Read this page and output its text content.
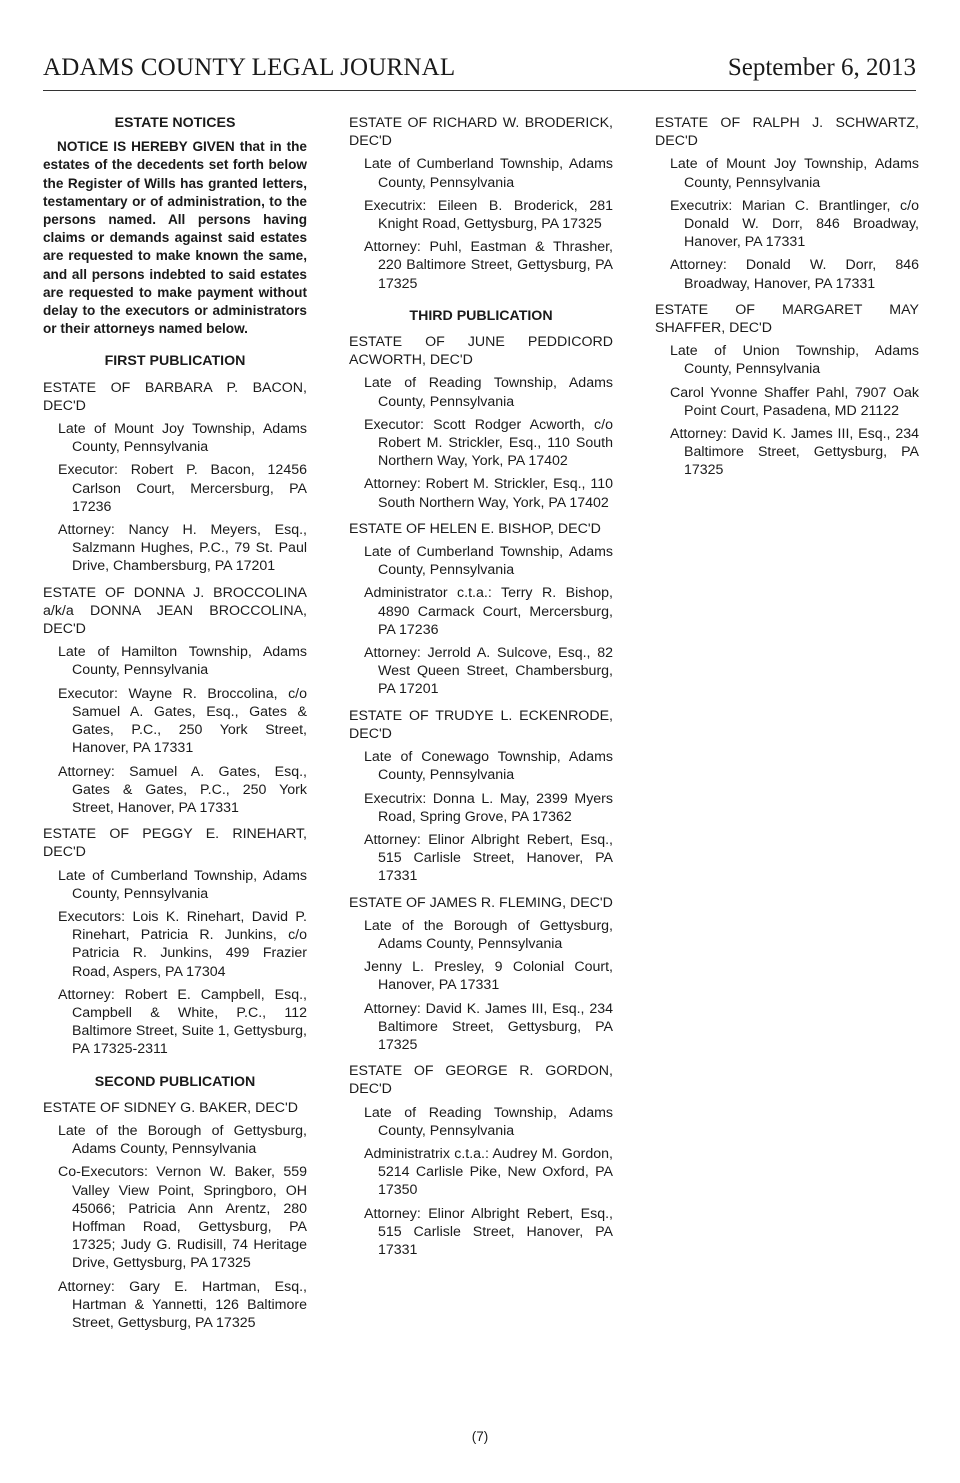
ADAMS COUNTY LEGAL JOURNAL	September 6, 2013
ESTATE NOTICES
NOTICE IS HEREBY GIVEN that in the estates of the decedents set forth below the Register of Wills has granted letters, testamentary or of administration, to the persons named. All persons having claims or demands against said estates are requested to make known the same, and all persons indebted to said estates are requested to make payment without delay to the executors or administrators or their attorneys named below.
FIRST PUBLICATION
ESTATE OF BARBARA P. BACON, DEC'D
Late of Mount Joy Township, Adams County, Pennsylvania
Executor: Robert P. Bacon, 12456 Carlson Court, Mercersburg, PA 17236
Attorney: Nancy H. Meyers, Esq., Salzmann Hughes, P.C., 79 St. Paul Drive, Chambersburg, PA 17201
ESTATE OF DONNA J. BROCCOLINA a/k/a DONNA JEAN BROCCOLINA, DEC'D
Late of Hamilton Township, Adams County, Pennsylvania
Executor: Wayne R. Broccolina, c/o Samuel A. Gates, Esq., Gates & Gates, P.C., 250 York Street, Hanover, PA 17331
Attorney: Samuel A. Gates, Esq., Gates & Gates, P.C., 250 York Street, Hanover, PA 17331
ESTATE OF PEGGY E. RINEHART, DEC'D
Late of Cumberland Township, Adams County, Pennsylvania
Executors: Lois K. Rinehart, David P. Rinehart, Patricia R. Junkins, c/o Patricia R. Junkins, 499 Frazier Road, Aspers, PA 17304
Attorney: Robert E. Campbell, Esq., Campbell & White, P.C., 112 Baltimore Street, Suite 1, Gettysburg, PA 17325-2311
SECOND PUBLICATION
ESTATE OF SIDNEY G. BAKER, DEC'D
Late of the Borough of Gettysburg, Adams County, Pennsylvania
Co-Executors: Vernon W. Baker, 559 Valley View Point, Springboro, OH 45066; Patricia Ann Arentz, 280 Hoffman Road, Gettysburg, PA 17325; Judy G. Rudisill, 74 Heritage Drive, Gettysburg, PA 17325
Attorney: Gary E. Hartman, Esq., Hartman & Yannetti, 126 Baltimore Street, Gettysburg, PA 17325
ESTATE OF RICHARD W. BRODERICK, DEC'D
Late of Cumberland Township, Adams County, Pennsylvania
Executrix: Eileen B. Broderick, 281 Knight Road, Gettysburg, PA 17325
Attorney: Puhl, Eastman & Thrasher, 220 Baltimore Street, Gettysburg, PA 17325
THIRD PUBLICATION
ESTATE OF JUNE PEDDICORD ACWORTH, DEC'D
Late of Reading Township, Adams County, Pennsylvania
Executor: Scott Rodger Acworth, c/o Robert M. Strickler, Esq., 110 South Northern Way, York, PA 17402
Attorney: Robert M. Strickler, Esq., 110 South Northern Way, York, PA 17402
ESTATE OF HELEN E. BISHOP, DEC'D
Late of Cumberland Township, Adams County, Pennsylvania
Administrator c.t.a.: Terry R. Bishop, 4890 Carmack Court, Mercersburg, PA 17236
Attorney: Jerrold A. Sulcove, Esq., 82 West Queen Street, Chambersburg, PA 17201
ESTATE OF TRUDYE L. ECKENRODE, DEC'D
Late of Conewago Township, Adams County, Pennsylvania
Executrix: Donna L. May, 2399 Myers Road, Spring Grove, PA 17362
Attorney: Elinor Albright Rebert, Esq., 515 Carlisle Street, Hanover, PA 17331
ESTATE OF JAMES R. FLEMING, DEC'D
Late of the Borough of Gettysburg, Adams County, Pennsylvania
Jenny L. Presley, 9 Colonial Court, Hanover, PA 17331
Attorney: David K. James III, Esq., 234 Baltimore Street, Gettysburg, PA 17325
ESTATE OF GEORGE R. GORDON, DEC'D
Late of Reading Township, Adams County, Pennsylvania
Administratrix c.t.a.: Audrey M. Gordon, 5214 Carlisle Pike, New Oxford, PA 17350
Attorney: Elinor Albright Rebert, Esq., 515 Carlisle Street, Hanover, PA 17331
ESTATE OF RALPH J. SCHWARTZ, DEC'D
Late of Mount Joy Township, Adams County, Pennsylvania
Executrix: Marian C. Brantlinger, c/o Donald W. Dorr, 846 Broadway, Hanover, PA 17331
Attorney: Donald W. Dorr, 846 Broadway, Hanover, PA 17331
ESTATE OF MARGARET MAY SHAFFER, DEC'D
Late of Union Township, Adams County, Pennsylvania
Carol Yvonne Shaffer Pahl, 7907 Oak Point Court, Pasadena, MD 21122
Attorney: David K. James III, Esq., 234 Baltimore Street, Gettysburg, PA 17325
(7)
